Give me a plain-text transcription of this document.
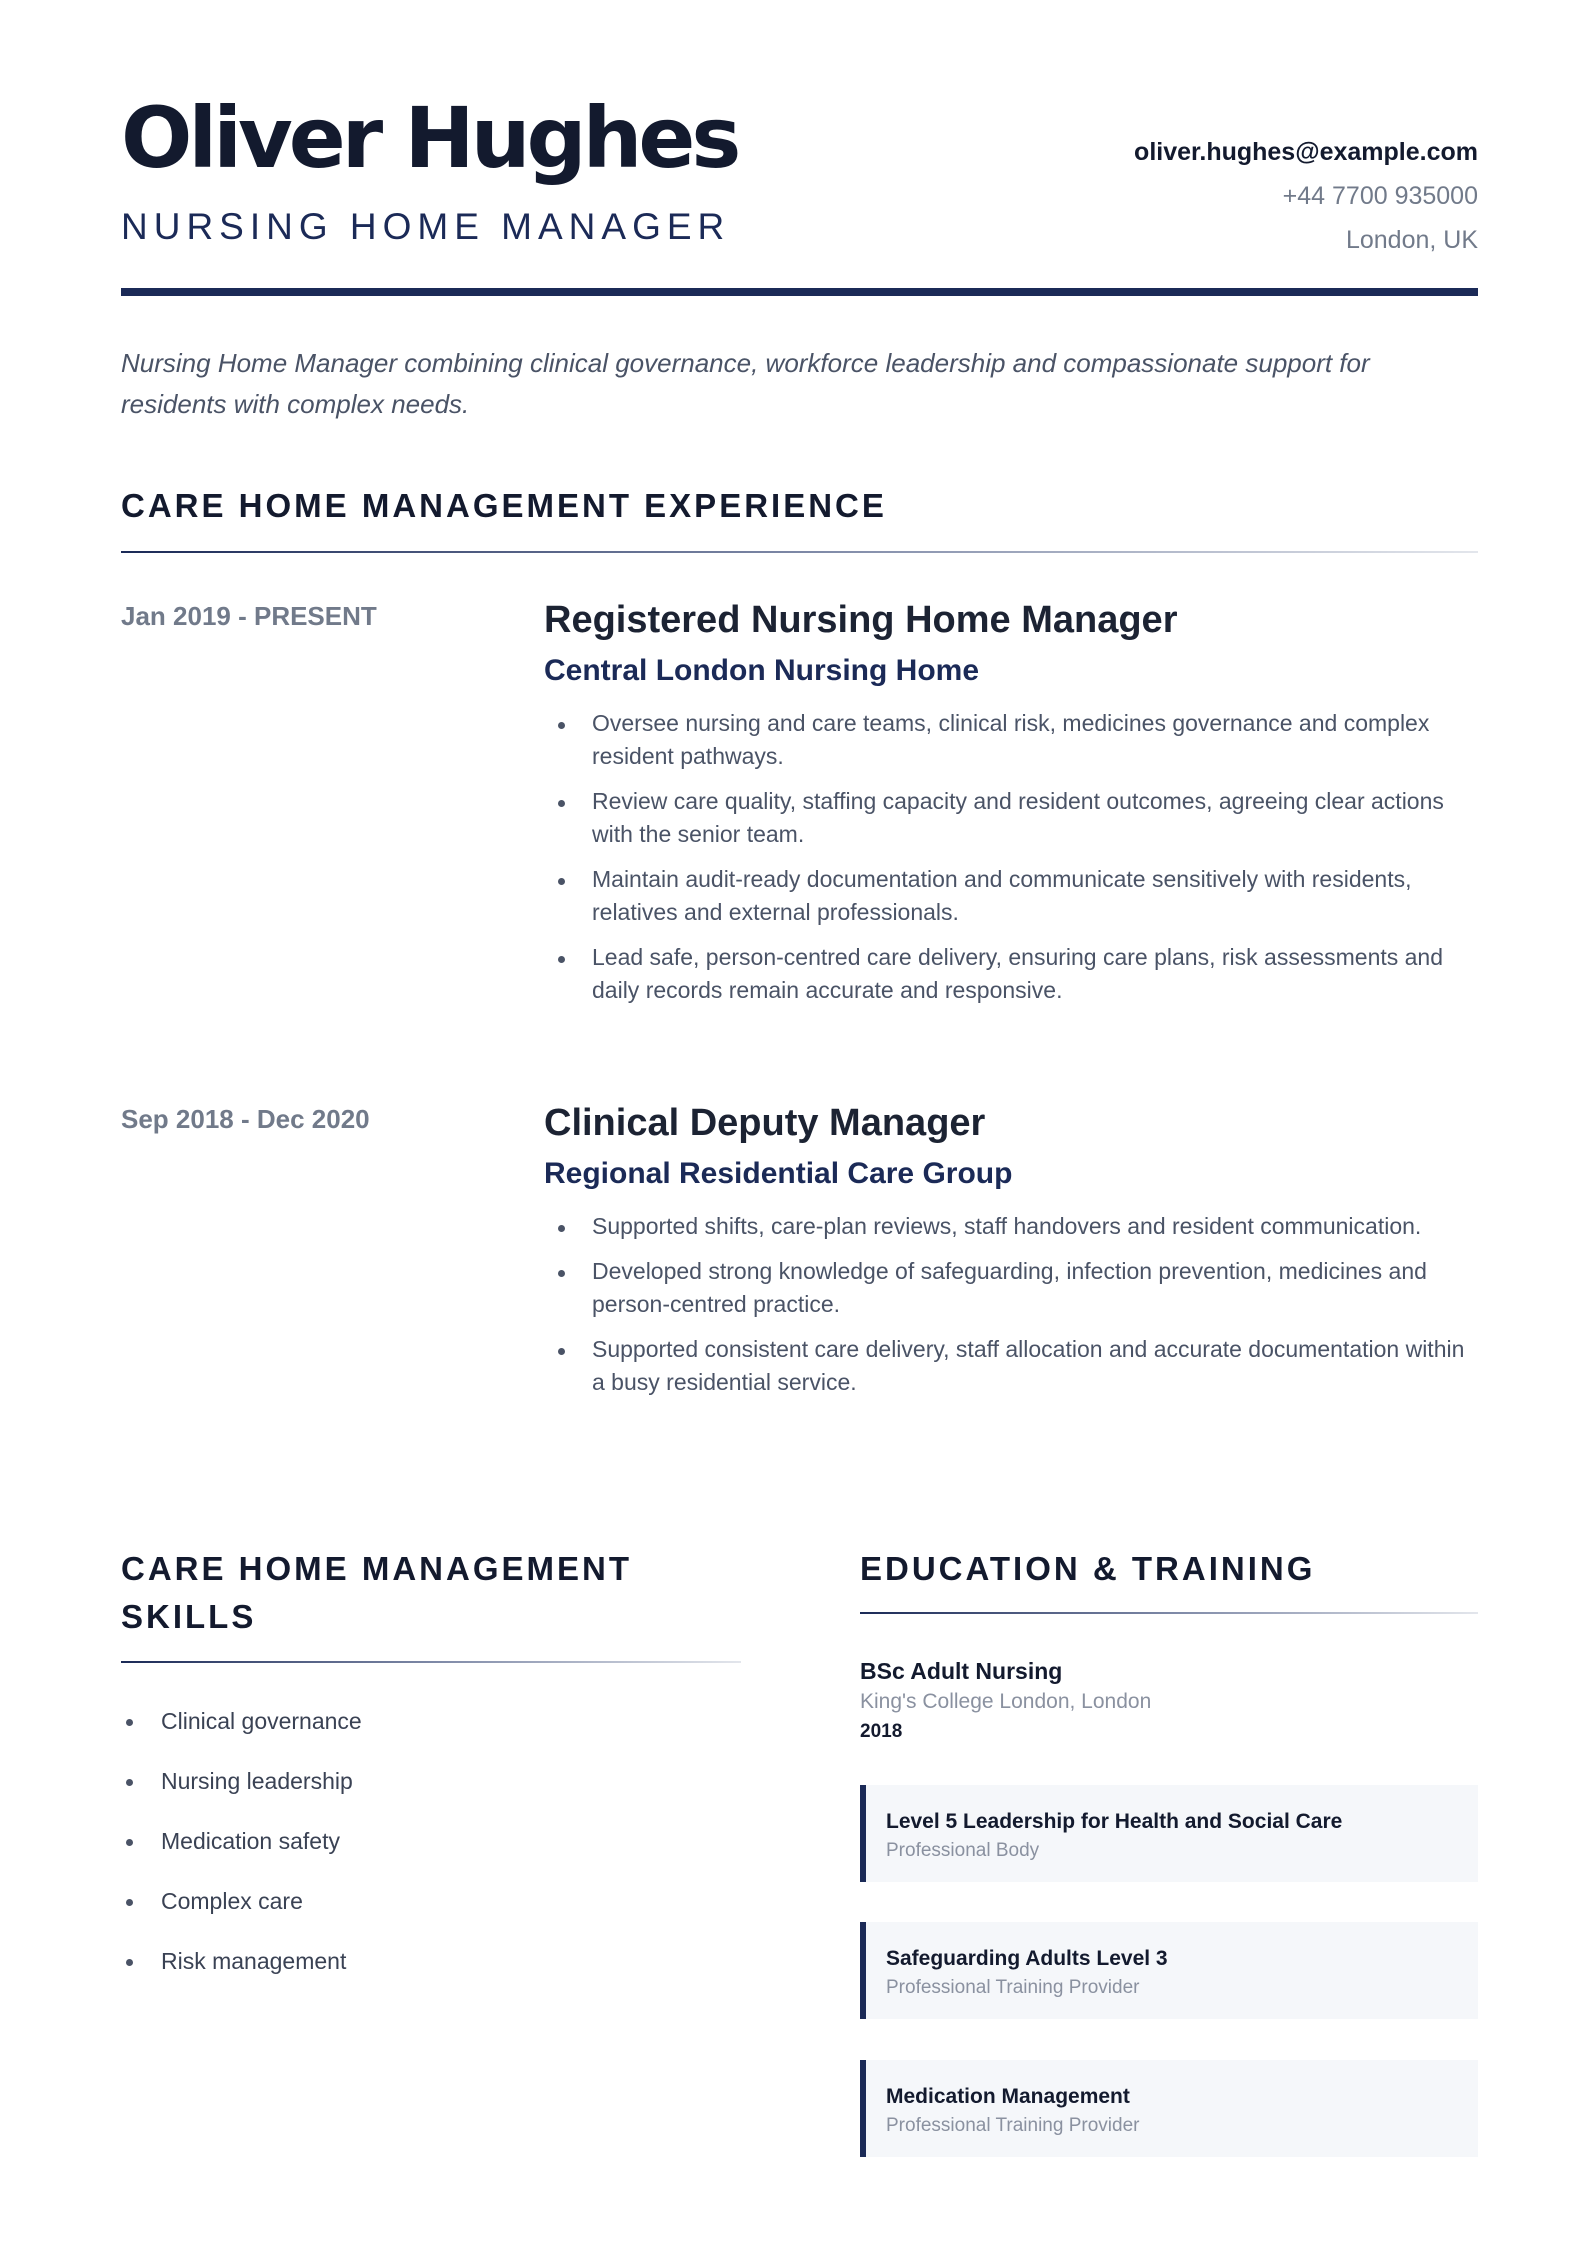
Oliver Hughes
NURSING HOME MANAGER
oliver.hughes@example.com
+44 7700 935000
London, UK
Nursing Home Manager combining clinical governance, workforce leadership and compassionate support for residents with complex needs.
CARE HOME MANAGEMENT EXPERIENCE
Jan 2019 - PRESENT	Registered Nursing Home Manager
Central London Nursing Home
Oversee nursing and care teams, clinical risk, medicines governance and complex resident pathways.
Review care quality, staffing capacity and resident outcomes, agreeing clear actions with the senior team.
Maintain audit-ready documentation and communicate sensitively with residents, relatives and external professionals.
Lead safe, person-centred care delivery, ensuring care plans, risk assessments and daily records remain accurate and responsive.
Sep 2018 - Dec 2020	Clinical Deputy Manager
Regional Residential Care Group
Supported shifts, care-plan reviews, staff handovers and resident communication.
Developed strong knowledge of safeguarding, infection prevention, medicines and person-centred practice.
Supported consistent care delivery, staff allocation and accurate documentation within a busy residential service.
CARE HOME MANAGEMENT
SKILLS
Clinical governance
Nursing leadership
Medication safety
Complex care
Risk management
EDUCATION & TRAINING
BSc Adult Nursing
King's College London, London
2018
Level 5 Leadership for Health and Social Care
Professional Body
Safeguarding Adults Level 3
Professional Training Provider
Medication Management
Professional Training Provider
